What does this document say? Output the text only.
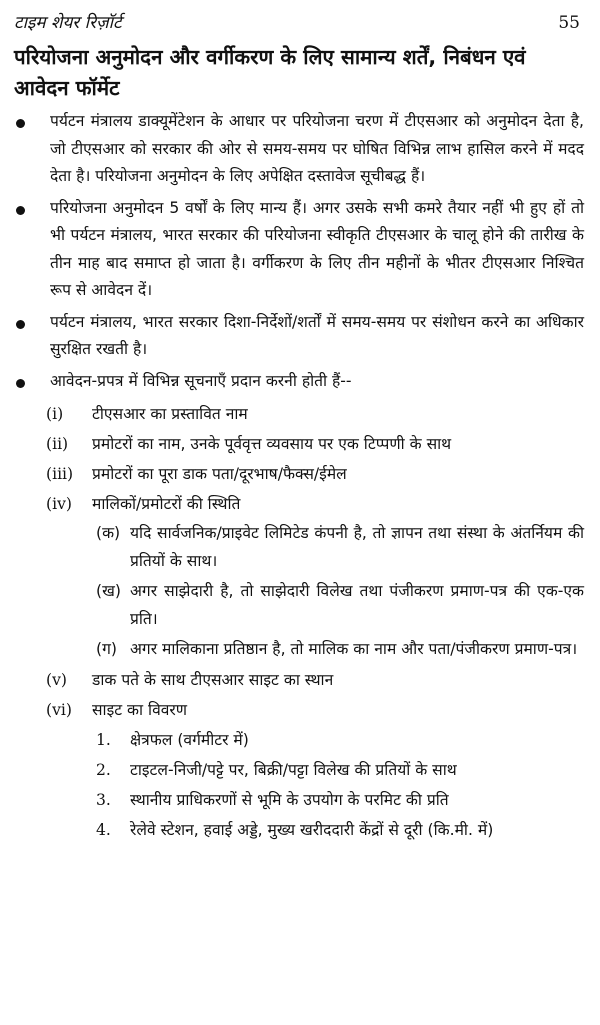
टाइम शेयर रिज़ॉर्ट	55
परियोजना अनुमोदन और वर्गीकरण के लिए सामान्य शर्तें, निबंधन एवं आवेदन फॉर्मेट
पर्यटन मंत्रालय डाक्यूमेंटेशन के आधार पर परियोजना चरण में टीएसआर को अनुमोदन देता है, जो टीएसआर को सरकार की ओर से समय-समय पर घोषित विभिन्न लाभ हासिल करने में मदद देता है। परियोजना अनुमोदन के लिए अपेक्षित दस्तावेज सूचीबद्ध हैं।
परियोजना अनुमोदन 5 वर्षों के लिए मान्य हैं। अगर उसके सभी कमरे तैयार नहीं भी हुए हों तो भी पर्यटन मंत्रालय, भारत सरकार की परियोजना स्वीकृति टीएसआर के चालू होने की तारीख के तीन माह बाद समाप्त हो जाता है। वर्गीकरण के लिए तीन महीनों के भीतर टीएसआर निश्चित रूप से आवेदन दें।
पर्यटन मंत्रालय, भारत सरकार दिशा-निर्देशों/शर्तों में समय-समय पर संशोधन करने का अधिकार सुरक्षित रखती है।
आवेदन-प्रपत्र में विभिन्न सूचनाएँ प्रदान करनी होती हैं--
(i)	टीएसआर का प्रस्तावित नाम
(ii)	प्रमोटरों का नाम, उनके पूर्ववृत्त व्यवसाय पर एक टिप्पणी के साथ
(iii)	प्रमोटरों का पूरा डाक पता/दूरभाष/फैक्स/ईमेल
(iv)	मालिकों/प्रमोटरों की स्थिति
(क) यदि सार्वजनिक/प्राइवेट लिमिटेड कंपनी है, तो ज्ञापन तथा संस्था के अंतर्नियम की प्रतियों के साथ।
(ख) अगर साझेदारी है, तो साझेदारी विलेख तथा पंजीकरण प्रमाण-पत्र की एक-एक प्रति।
(ग) अगर मालिकाना प्रतिष्ठान है, तो मालिक का नाम और पता/पंजीकरण प्रमाण-पत्र।
(v)	डाक पते के साथ टीएसआर साइट का स्थान
(vi)	साइट का विवरण
1.	क्षेत्रफल (वर्गमीटर में)
2.	टाइटल-निजी/पट्टे पर, बिक्री/पट्टा विलेख की प्रतियों के साथ
3.	स्थानीय प्राधिकरणों से भूमि के उपयोग के परमिट की प्रति
4.	रेलेवे स्टेशन, हवाई अड्डे, मुख्य खरीददारी केंद्रों से दूरी (कि.मी. में)
